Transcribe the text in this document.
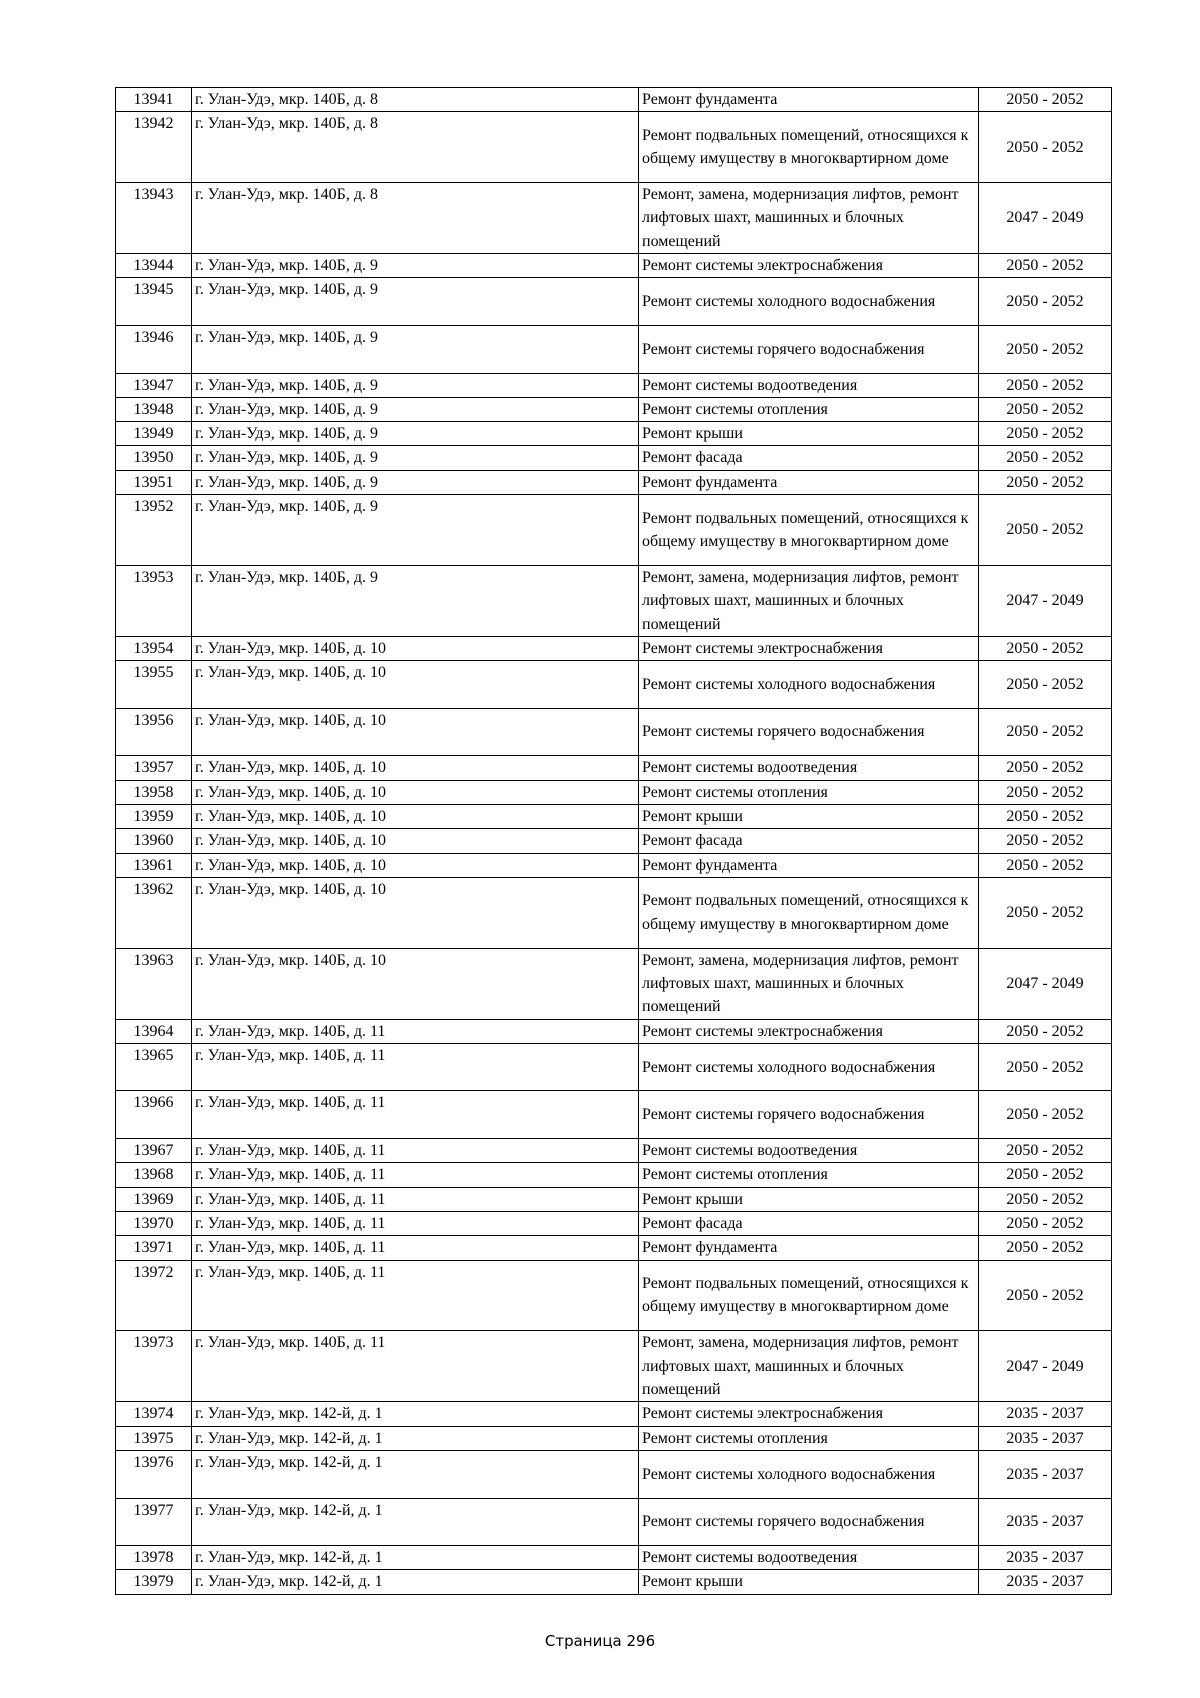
13941	г. Улан-Удэ, мкр. 140Б, д. 8	Ремонт фундамента	2050 - 2052
13942	г. Улан-Удэ, мкр. 140Б, д. 8	Ремонт подвальных помещений, относящихся к общему имуществу в многоквартирном доме	2050 - 2052
13943	г. Улан-Удэ, мкр. 140Б, д. 8	Ремонт, замена, модернизация лифтов, ремонт лифтовых шахт, машинных и блочных помещений	2047 - 2049
13944	г. Улан-Удэ, мкр. 140Б, д. 9	Ремонт системы электроснабжения	2050 - 2052
13945	г. Улан-Удэ, мкр. 140Б, д. 9	Ремонт системы холодного водоснабжения	2050 - 2052
13946	г. Улан-Удэ, мкр. 140Б, д. 9	Ремонт системы горячего водоснабжения	2050 - 2052
13947	г. Улан-Удэ, мкр. 140Б, д. 9	Ремонт системы водоотведения	2050 - 2052
13948	г. Улан-Удэ, мкр. 140Б, д. 9	Ремонт системы отопления	2050 - 2052
13949	г. Улан-Удэ, мкр. 140Б, д. 9	Ремонт крыши	2050 - 2052
13950	г. Улан-Удэ, мкр. 140Б, д. 9	Ремонт фасада	2050 - 2052
13951	г. Улан-Удэ, мкр. 140Б, д. 9	Ремонт фундамента	2050 - 2052
13952	г. Улан-Удэ, мкр. 140Б, д. 9	Ремонт подвальных помещений, относящихся к общему имуществу в многоквартирном доме	2050 - 2052
13953	г. Улан-Удэ, мкр. 140Б, д. 9	Ремонт, замена, модернизация лифтов, ремонт лифтовых шахт, машинных и блочных помещений	2047 - 2049
13954	г. Улан-Удэ, мкр. 140Б, д. 10	Ремонт системы электроснабжения	2050 - 2052
13955	г. Улан-Удэ, мкр. 140Б, д. 10	Ремонт системы холодного водоснабжения	2050 - 2052
13956	г. Улан-Удэ, мкр. 140Б, д. 10	Ремонт системы горячего водоснабжения	2050 - 2052
13957	г. Улан-Удэ, мкр. 140Б, д. 10	Ремонт системы водоотведения	2050 - 2052
13958	г. Улан-Удэ, мкр. 140Б, д. 10	Ремонт системы отопления	2050 - 2052
13959	г. Улан-Удэ, мкр. 140Б, д. 10	Ремонт крыши	2050 - 2052
13960	г. Улан-Удэ, мкр. 140Б, д. 10	Ремонт фасада	2050 - 2052
13961	г. Улан-Удэ, мкр. 140Б, д. 10	Ремонт фундамента	2050 - 2052
13962	г. Улан-Удэ, мкр. 140Б, д. 10	Ремонт подвальных помещений, относящихся к общему имуществу в многоквартирном доме	2050 - 2052
13963	г. Улан-Удэ, мкр. 140Б, д. 10	Ремонт, замена, модернизация лифтов, ремонт лифтовых шахт, машинных и блочных помещений	2047 - 2049
13964	г. Улан-Удэ, мкр. 140Б, д. 11	Ремонт системы электроснабжения	2050 - 2052
13965	г. Улан-Удэ, мкр. 140Б, д. 11	Ремонт системы холодного водоснабжения	2050 - 2052
13966	г. Улан-Удэ, мкр. 140Б, д. 11	Ремонт системы горячего водоснабжения	2050 - 2052
13967	г. Улан-Удэ, мкр. 140Б, д. 11	Ремонт системы водоотведения	2050 - 2052
13968	г. Улан-Удэ, мкр. 140Б, д. 11	Ремонт системы отопления	2050 - 2052
13969	г. Улан-Удэ, мкр. 140Б, д. 11	Ремонт крыши	2050 - 2052
13970	г. Улан-Удэ, мкр. 140Б, д. 11	Ремонт фасада	2050 - 2052
13971	г. Улан-Удэ, мкр. 140Б, д. 11	Ремонт фундамента	2050 - 2052
13972	г. Улан-Удэ, мкр. 140Б, д. 11	Ремонт подвальных помещений, относящихся к общему имуществу в многоквартирном доме	2050 - 2052
13973	г. Улан-Удэ, мкр. 140Б, д. 11	Ремонт, замена, модернизация лифтов, ремонт лифтовых шахт, машинных и блочных помещений	2047 - 2049
13974	г. Улан-Удэ, мкр. 142-й, д. 1	Ремонт системы электроснабжения	2035 - 2037
13975	г. Улан-Удэ, мкр. 142-й, д. 1	Ремонт системы отопления	2035 - 2037
13976	г. Улан-Удэ, мкр. 142-й, д. 1	Ремонт системы холодного водоснабжения	2035 - 2037
13977	г. Улан-Удэ, мкр. 142-й, д. 1	Ремонт системы горячего водоснабжения	2035 - 2037
13978	г. Улан-Удэ, мкр. 142-й, д. 1	Ремонт системы водоотведения	2035 - 2037
13979	г. Улан-Удэ, мкр. 142-й, д. 1	Ремонт крыши	2035 - 2037
Страница 296
